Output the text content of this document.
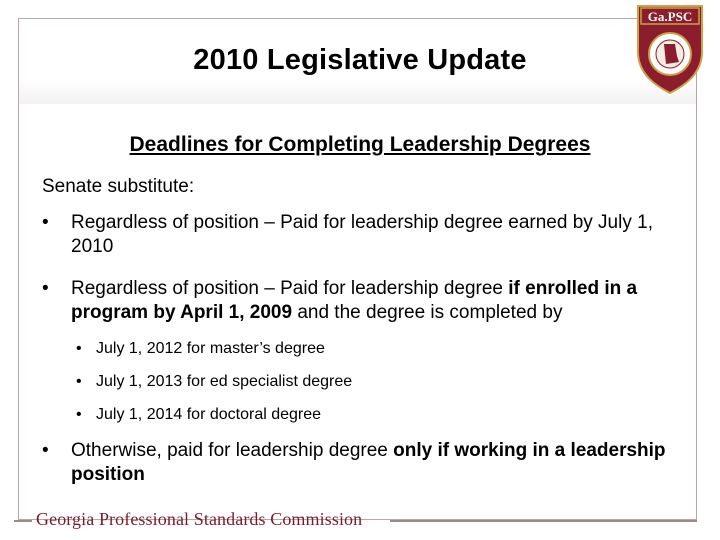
2010 Legislative Update
Ga.PSC
Deadlines for Completing Leadership Degrees
Senate substitute:
•	Regardless of position – Paid for leadership degree earned by July 1, 2010
•	Regardless of position – Paid for leadership degree if enrolled in a program by April 1, 2009 and the degree is completed by
• July 1, 2012 for master’s degree
• July 1, 2013 for ed specialist degree
• July 1, 2014 for doctoral degree
•	Otherwise, paid for leadership degree only if working in a leadership position
Georgia Professional Standards Commission
